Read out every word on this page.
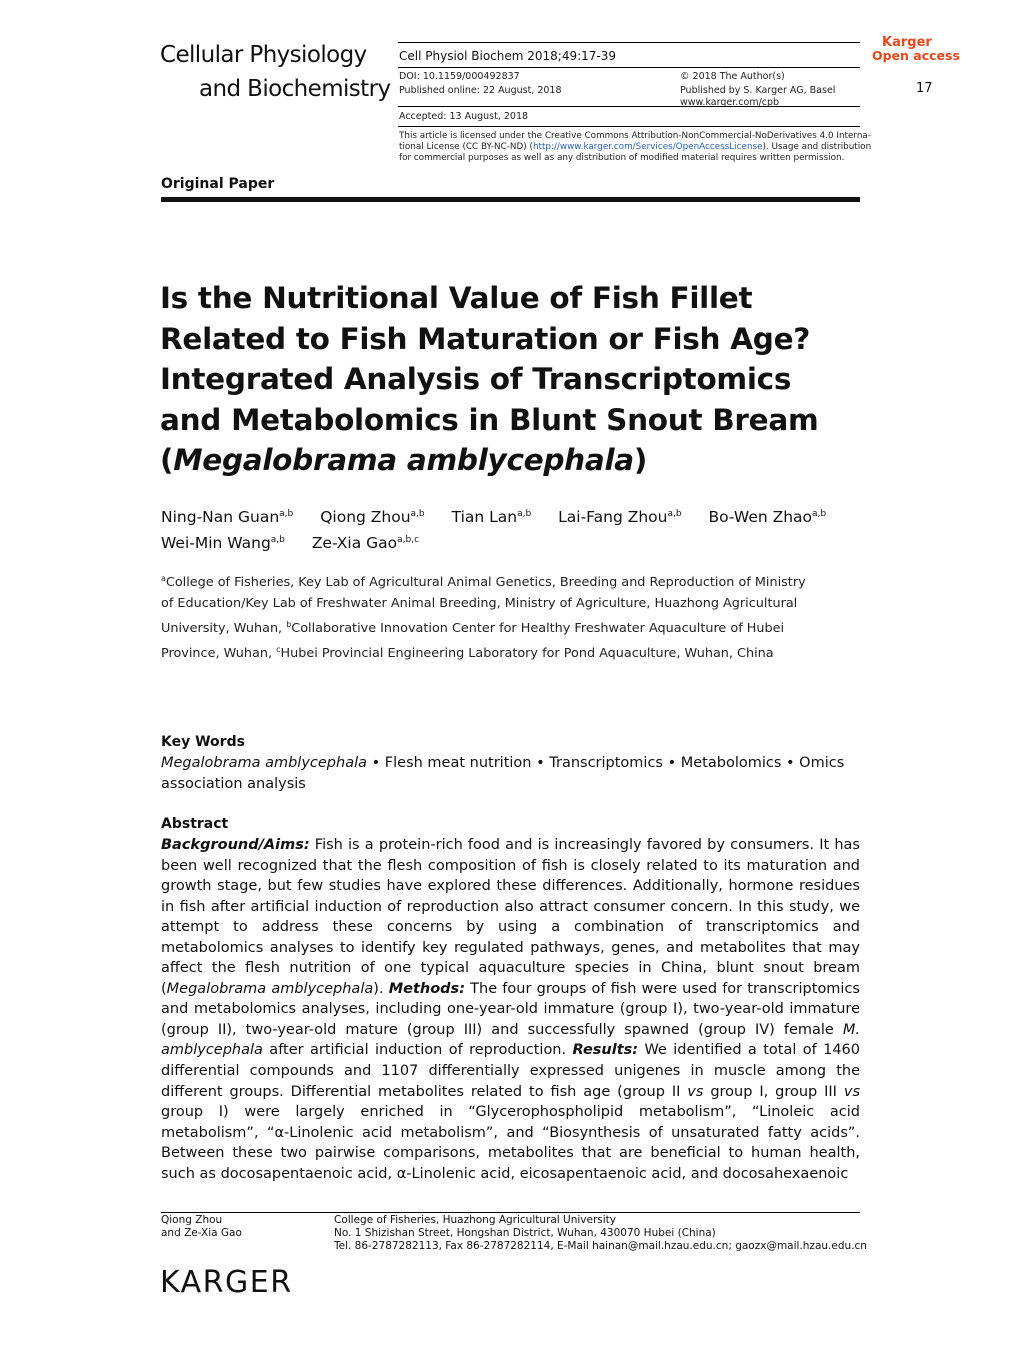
Cellular Physiology
and Biochemistry
Cell Physiol Biochem 2018;49:17-39
DOI: 10.1159/000492837
Published online: 22 August, 2018
© 2018 The Author(s)
Published by S. Karger AG, Basel
www.karger.com/cpb
17
Accepted: 13 August, 2018
This article is licensed under the Creative Commons Attribution-NonCommercial-NoDerivatives 4.0 Interna-
tional License (CC BY-NC-ND) (http://www.karger.com/Services/OpenAccessLicense). Usage and distribution
for commercial purposes as well as any distribution of modified material requires written permission.
Karger
Open access
Original Paper
Is the Nutritional Value of Fish Fillet
Related to Fish Maturation or Fish Age?
Integrated Analysis of Transcriptomics
and Metabolomics in Blunt Snout Bream
(Megalobrama amblycephala)
Ning-Nan Guan$^{a,b}$ Qiong Zhou$^{a,b}$ Tian Lan$^{a,b}$ Lai-Fang Zhou$^{a,b}$ Bo-Wen Zhao$^{a,b}$
Wei-Min Wang$^{a,b}$ Ze-Xia Gao$^{a,b,c}$
$^a$College of Fisheries, Key Lab of Agricultural Animal Genetics, Breeding and Reproduction of Ministry
of Education/Key Lab of Freshwater Animal Breeding, Ministry of Agriculture, Huazhong Agricultural
University, Wuhan, $^b$Collaborative Innovation Center for Healthy Freshwater Aquaculture of Hubei
Province, Wuhan, $^c$Hubei Provincial Engineering Laboratory for Pond Aquaculture, Wuhan, China
Key Words
Megalobrama amblycephala • Flesh meat nutrition • Transcriptomics • Metabolomics • Omics
association analysis
Abstract
Background/Aims: Fish is a protein-rich food and is increasingly favored by consumers. It has been well recognized that the flesh composition of fish is closely related to its maturation and growth stage, but few studies have explored these differences. Additionally, hormone residues in fish after artificial induction of reproduction also attract consumer concern. In this study, we attempt to address these concerns by using a combination of transcriptomics and metabolomics analyses to identify key regulated pathways, genes, and metabolites that may affect the flesh nutrition of one typical aquaculture species in China, blunt snout bream (Megalobrama amblycephala). Methods: The four groups of fish were used for transcriptomics and metabolomics analyses, including one-year-old immature (group I), two-year-old immature (group II), two-year-old mature (group III) and successfully spawned (group IV) female M. amblycephala after artificial induction of reproduction. Results: We identified a total of 1460 differential compounds and 1107 differentially expressed unigenes in muscle among the different groups. Differential metabolites related to fish age (group II vs group I, group III vs group I) were largely enriched in “Glycerophospholipid metabolism”, “Linoleic acid metabolism”, “α-Linolenic acid metabolism”, and “Biosynthesis of unsaturated fatty acids”. Between these two pairwise comparisons, metabolites that are beneficial to human health, such as docosapentaenoic acid, α-Linolenic acid, eicosapentaenoic acid, and docosahexaenoic
Qiong Zhou
and Ze-Xia Gao
College of Fisheries, Huazhong Agricultural University
No. 1 Shizishan Street, Hongshan District, Wuhan, 430070 Hubei (China)
Tel. 86-2787282113, Fax 86-2787282114, E-Mail hainan@mail.hzau.edu.cn; gaozx@mail.hzau.edu.cn
KARGER
